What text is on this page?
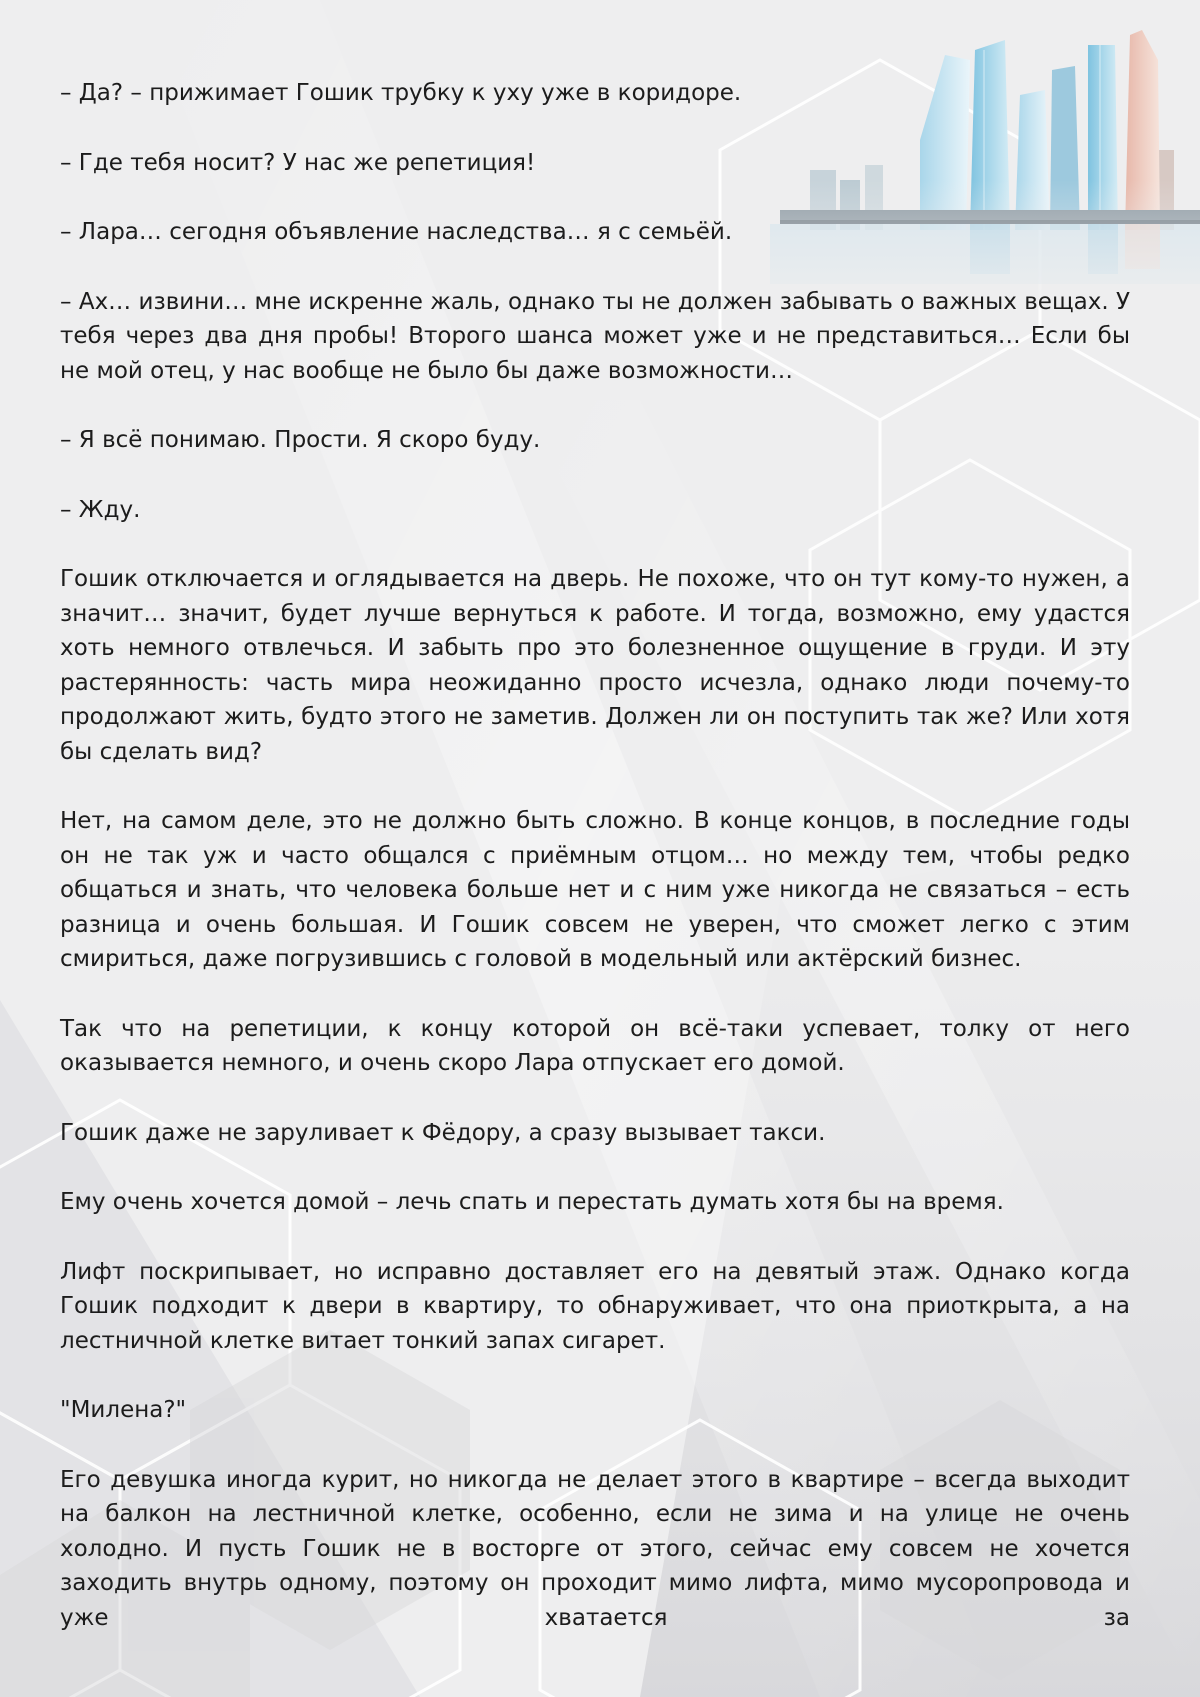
– Да? – прижимает Гошик трубку к уху уже в коридоре.

– Где тебя носит? У нас же репетиция!

– Лара… сегодня объявление наследства… я с семьёй.

– Ах… извини… мне искренне жаль, однако ты не должен забывать о важных вещах. У тебя через два дня пробы! Второго шанса может уже и не представиться… Если бы не мой отец, у нас вообще не было бы даже возможности…

– Я всё понимаю. Прости. Я скоро буду.

– Жду.

Гошик отключается и оглядывается на дверь. Не похоже, что он тут кому-то нужен, а значит… значит, будет лучше вернуться к работе. И тогда, возможно, ему удастся хоть немного отвлечься. И забыть про это болезненное ощущение в груди. И эту растерянность: часть мира неожиданно просто исчезла, однако люди почему-то продолжают жить, будто этого не заметив. Должен ли он поступить так же? Или хотя бы сделать вид?

Нет, на самом деле, это не должно быть сложно. В конце концов, в последние годы он не так уж и часто общался с приёмным отцом… но между тем, чтобы редко общаться и знать, что человека больше нет и с ним уже никогда не связаться – есть разница и очень большая. И Гошик совсем не уверен, что сможет легко с этим смириться, даже погрузившись с головой в модельный или актёрский бизнес.

Так что на репетиции, к концу которой он всё-таки успевает, толку от него оказывается немного, и очень скоро Лара отпускает его домой.

Гошик даже не заруливает к Фёдору, а сразу вызывает такси.

Ему очень хочется домой – лечь спать и перестать думать хотя бы на время.

Лифт поскрипывает, но исправно доставляет его на девятый этаж. Однако когда Гошик подходит к двери в квартиру, то обнаруживает, что она приоткрыта, а на лестничной клетке витает тонкий запах сигарет.

"Милена?"

Его девушка иногда курит, но никогда не делает этого в квартире – всегда выходит на балкон на лестничной клетке, особенно, если не зима и на улице не очень холодно. И пусть Гошик не в восторге от этого, сейчас ему совсем не хочется заходить внутрь одному, поэтому он проходит мимо лифта, мимо мусоропровода и уже хватается за
